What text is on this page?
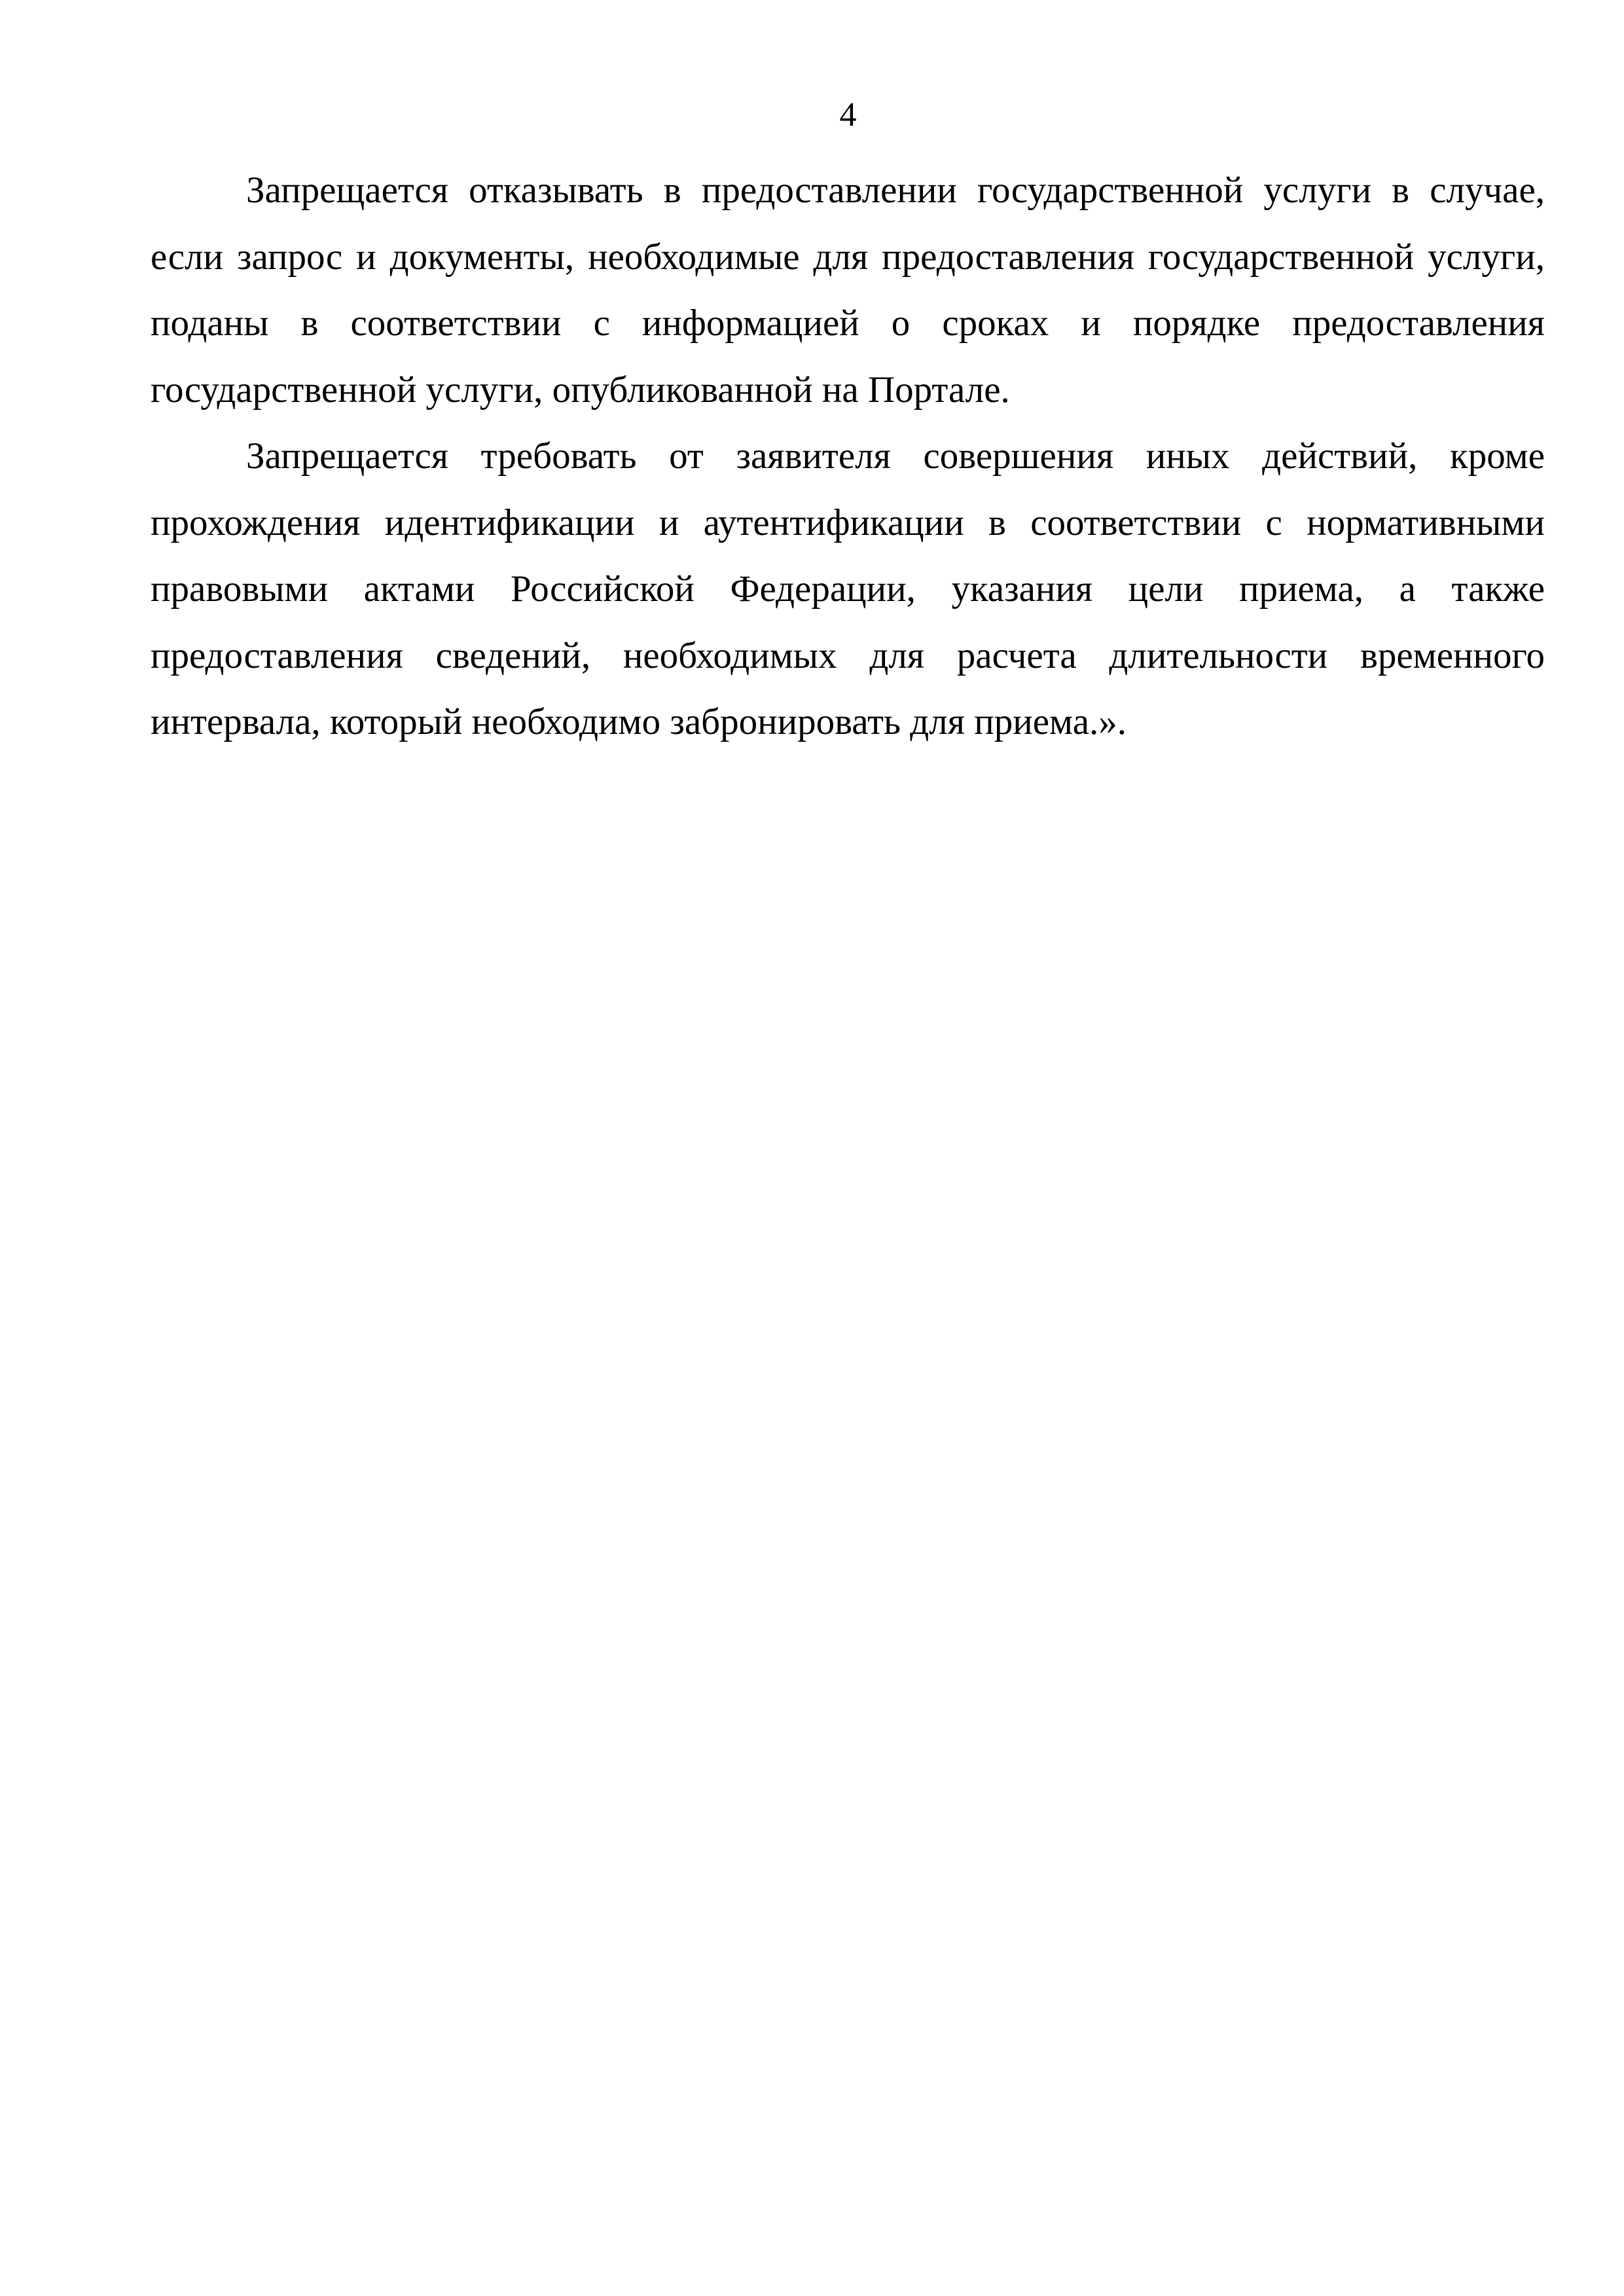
4

Запрещается отказывать в предоставлении государственной услуги в случае, если запрос и документы, необходимые для предоставления государственной услуги, поданы в соответствии с информацией о сроках и порядке предоставления государственной услуги, опубликованной на Портале.

Запрещается требовать от заявителя совершения иных действий, кроме прохождения идентификации и аутентификации в соответствии с нормативными правовыми актами Российской Федерации, указания цели приема, а также предоставления сведений, необходимых для расчета длительности временного интервала, который необходимо забронировать для приема.».
